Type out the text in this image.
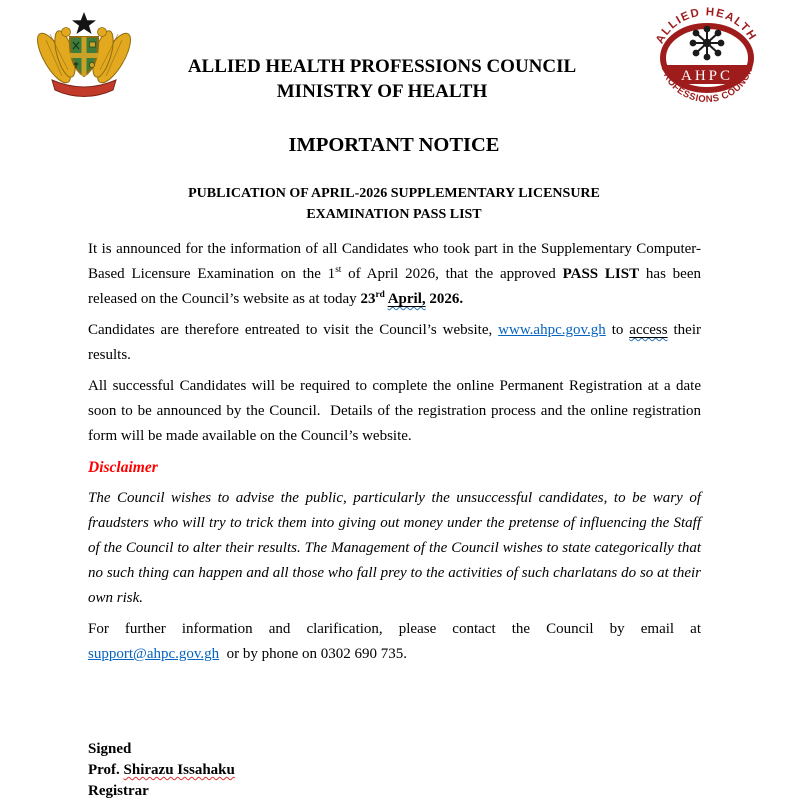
AHPC
ALLIED HEALTH
PROFESSIONS COUNCIL
ALLIED HEALTH PROFESSIONS COUNCIL
MINISTRY OF HEALTH
IMPORTANT NOTICE
PUBLICATION OF APRIL-2026 SUPPLEMENTARY LICENSURE
EXAMINATION PASS LIST

It is announced for the information of all Candidates who took part in the Supplementary Computer-Based Licensure Examination on the 1st of April 2026, that the approved PASS LIST has been released on the Council’s website as at today 23rd April, 2026.

Candidates are therefore entreated to visit the Council’s website, www.ahpc.gov.gh to access their results.

All successful Candidates will be required to complete the online Permanent Registration at a date soon to be announced by the Council.  Details of the registration process and the online registration form will be made available on the Council’s website.

Disclaimer

The Council wishes to advise the public, particularly the unsuccessful candidates, to be wary of fraudsters who will try to trick them into giving out money under the pretense of influencing the Staff of the Council to alter their results. The Management of the Council wishes to state categorically that no such thing can happen and all those who fall prey to the activities of such charlatans do so at their own risk.

For further information and clarification, please contact the Council by email at support@ahpc.gov.gh  or by phone on 0302 690 735.

Signed
Prof. Shirazu Issahaku
Registrar
